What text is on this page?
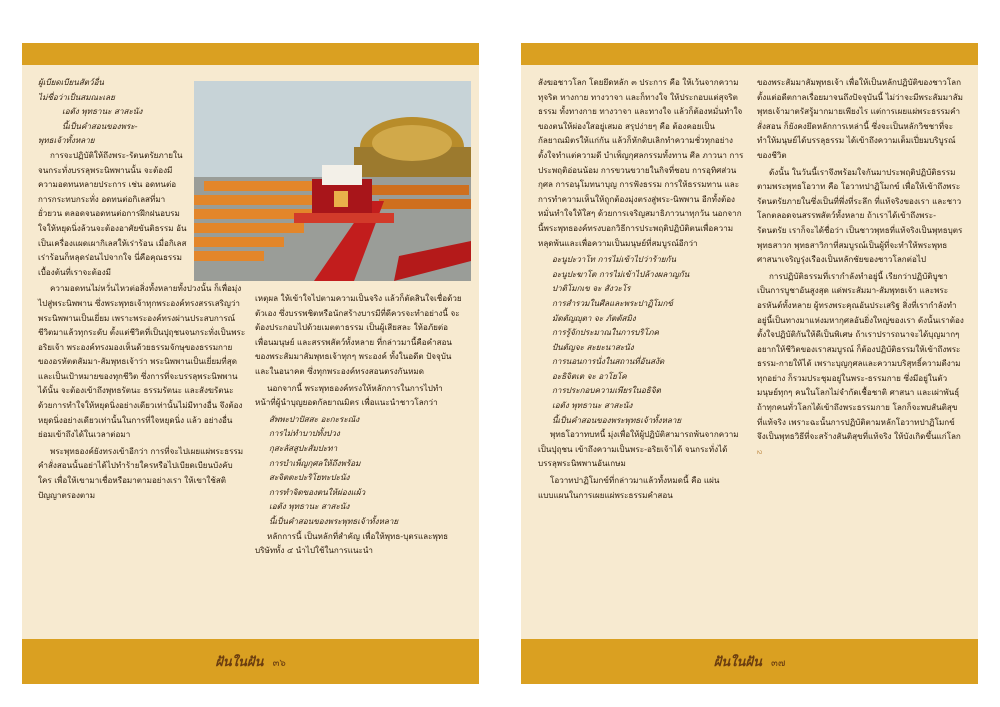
ผู้เบียดเบียนสัตว์อื่น
ไม่ชื่อว่าเป็นสมณะเลย
เอตัง พุทธานะ สาสะนัง
นี้เป็นคำสอนของพระ-
พุทธเจ้าทั้งหลาย

การจะปฏิบัติให้ถึงพระ-รัตนตรัยภายใน จนกระทั่งบรรลุพระนิพพานนั้น จะต้องมีความอดทนหลายประการ เช่น อดทนต่อการกระทบกระทั่ง อดทนต่อกิเลสที่มายั่วยวน ตลอดจนอดทนต่อการฝึกฝนอบรมใจให้หยุดนิ่งล้วนจะต้องอาศัยขันติธรรม อันเป็นเครื่องแผดเผากิเลสให้เร่าร้อน เมื่อกิเลสเร่าร้อนก็หลุดร่อนไปจากใจ นี่คือคุณธรรมเบื้องต้นที่เราจะต้องมี

ความอดทนไม่หวั่นไหวต่อสิ่งทั้งหลายทั้งปวงนั้น ก็เพื่อมุ่งไปสู่พระนิพพาน ซึ่งพระพุทธเจ้าทุกพระองค์ทรงสรรเสริญว่า พระนิพพานเป็นเยี่ยม เพราะพระองค์ทรงผ่านประสบการณ์ชีวิตมาแล้วทุกระดับ ตั้งแต่ชีวิตที่เป็นปุถุชนจนกระทั่งเป็นพระอริยเจ้า พระองค์ทรงมองเห็นด้วยธรรมจักษุของธรรมกายของอรหัตตสัมมา-สัมพุทธเจ้าว่า พระนิพพานเป็นเยี่ยมที่สุด และเป็นเป้าหมายของทุกชีวิต ซึ่งการที่จะบรรลุพระนิพพานได้นั้น จะต้องเข้าถึงพุทธรัตนะ ธรรมรัตนะ และสังฆรัตนะ ด้วยการทำใจให้หยุดนิ่งอย่างเดียวเท่านั้นไม่มีทางอื่น จึงต้องหยุดนิ่งอย่างเดียวเท่านั้นในการที่ใจหยุดนิ่ง แล้ว อย่างอื่นย่อมเข้าถึงได้ในเวลาต่อมา

พระพุทธองค์ยังทรงเข้าอีกว่า การที่จะไปเผยแผ่พระธรรมคำสั่งสอนนั้นอย่าได้ไปทำร้ายใครหรือไปเบียดเบียนบังคับใคร เพื่อให้เขามาเชื่อหรือมาตามอย่างเรา ให้เขาใช้สติปัญญาตรองตาม

เหตุผล ให้เข้าใจไปตามความเป็นจริง แล้วก็ตัดสินใจเชื่อด้วยตัวเอง ซึ่งบรรพชิตหรือนักสร้างบารมีที่ดีควรจะทำอย่างนี้ จะต้องประกอบไปด้วยเมตตาธรรม เป็นผู้เสียสละ ให้อภัยต่อเพื่อนมนุษย์ และสรรพสัตว์ทั้งหลาย ที่กล่าวมานี้คือคำสอนของพระสัมมาสัมพุทธเจ้าทุกๆ พระองค์ ทั้งในอดีต ปัจจุบัน และในอนาคต ซึ่งทุกพระองค์ทรงสอนตรงกันหมด

นอกจากนี้ พระพุทธองค์ทรงให้หลักการในการไปทำหน้าที่ผู้นำบุญยอดกัลยาณมิตร เพื่อแนะนำชาวโลกว่า

สัพพะปาปัสสะ อะกะระณัง
การไม่ทำบาปทั้งปวง
กุสะลัสสูปะสัมปะทา
การบำเพ็ญกุศลให้ถึงพร้อม
สะจิตตะปะริโยทะปะนัง
การทำจิตของตนให้ผ่องแผ้ว
เอตัง พุทธานะ สาสะนัง
นี้เป็นคำสอนของพระพุทธเจ้าทั้งหลาย

หลักการนี้ เป็นหลักที่สำคัญ เพื่อให้พุทธ-บุตรและพุทธบริษัททั้ง ๔ นำไปใช้ในการแนะนำ

ฝันในฝัน ๓๖

สังฆอชาวโลก โดยยึดหลัก ๓ ประการ คือ ให้เว้นจากความทุจริต ทางกาย ทางวาจา และก็ทางใจ ให้ประกอบแต่สุจริตธรรม ทั้งทางกาย ทางวาจา และทางใจ แล้วก็ต้องหมั่นทำใจของตนให้ผ่องใสอยู่เสมอ สรุปง่ายๆ คือ ต้องคอยเป็นกัลยาณมิตรให้แก่กัน แล้วก็หักดิบเลิกทำความชั่วทุกอย่าง ตั้งใจทำแต่ความดี บำเพ็ญกุศลกรรมทั้งทาน ศีล ภาวนา การประพฤติอ่อนน้อม การขวนขวายในกิจที่ชอบ การอุทิศส่วนกุศล การอนุโมทนาบุญ การฟังธรรม การให้ธรรมทาน และการทำความเห็นให้ถูกต้องมุ่งตรงสู่พระ-นิพพาน อีกทั้งต้องหมั่นทำใจให้ใสๆ ด้วยการเจริญสมาธิภาวนาทุกวัน นอกจากนี้พระพุทธองค์ทรงบอกวิธีการประพฤติปฏิบัติตนเพื่อความหลุดพ้นและเพื่อความเป็นมนุษย์ที่สมบูรณ์อีกว่า

อะนูปะวาโท การไม่เข้าไปว่าร้ายกัน
อะนูปะฆาโต การไม่เข้าไปล้างผลาญกัน
ปาติโมกเข จะ สังวะโร
การสำรวมในศีลและพระปาฏิโมกข์
มัตตัญญุตา จะ ภัตตัสมิง
การรู้จักประมาณในการบริโภค
ปันตัญจะ สะยะนาสะนัง
การนอนการนั่งในสถานที่อันสงัด
อะธิจิตเต จะ อาโยโค
การประกอบความเพียรในอธิจิต
เอตัง พุทธานะ สาสะนัง
นี้เป็นคำสอนของพระพุทธเจ้าทั้งหลาย

พุทธโอวาทบทนี้ มุ่งเพื่อให้ผู้ปฏิบัติสามารถพ้นจากความเป็นปุถุชน เข้าถึงความเป็นพระ-อริยเจ้าได้ จนกระทั่งได้บรรลุพระนิพพานอันเกษม

โอวาทปาฏิโมกข์ที่กล่าวมาแล้วทั้งหมดนี้ คือ แผ่นแบบแผนในการเผยแผ่พระธรรมคำสอน

ของพระสัมมาสัมพุทธเจ้า เพื่อให้เป็นหลักปฏิบัติของชาวโลกตั้งแต่อดีตกาลเรื่อยมาจนถึงปัจจุบันนี้ ไม่ว่าจะมีพระสัมมาสัมพุทธเจ้ามาตรัสรู้มากมายเพียงไร แต่การเผยแผ่พระธรรมคำสั่งสอน ก็ยังคงยึดหลักการเหล่านี้ ซึ่งจะเป็นหลักวิชชาที่จะทำให้มนุษย์ได้บรรลุธรรม ได้เข้าถึงความเต็มเปี่ยมบริบูรณ์ของชีวิต

ดังนั้น ในวันนี้เราจึงพร้อมใจกันมาประพฤติปฏิบัติธรรมตามพระพุทธโอวาท คือ โอวาทปาฏิโมกข์ เพื่อให้เข้าถึงพระรัตนตรัยภายในซึ่งเป็นที่พึ่งที่ระลึก ที่แท้จริงของเรา และชาวโลกตลอดจนสรรพสัตว์ทั้งหลาย ถ้าเราได้เข้าถึงพระ-รัตนตรัย เราก็จะได้ชื่อว่า เป็นชาวพุทธที่แท้จริงเป็นพุทธบุตร พุทธสาวก พุทธสาวิกาที่สมบูรณ์เป็นผู้ที่จะทำให้พระพุทธศาสนาเจริญรุ่งเรืองเป็นหลักชัยของชาวโลกต่อไป

การปฏิบัติธรรมที่เรากำลังทำอยู่นี้ เรียกว่าปฏิบัติบูชา เป็นการบูชาอันสูงสุด แด่พระสัมมา-สัมพุทธเจ้า และพระอรหันต์ทั้งหลาย ผู้ทรงพระคุณอันประเสริฐ สิ่งที่เรากำลังทำอยู่นี้เป็นทางมาแห่งมหากุศลอันยิ่งใหญ่ของเรา ดังนั้นเราต้องตั้งใจปฏิบัติกันให้ดีเป็นพิเศษ ถ้าเราปรารถนาจะได้บุญมากๆ อยากให้ชีวิตของเราสมบูรณ์ ก็ต้องปฏิบัติธรรมให้เข้าถึงพระธรรม-กายให้ได้ เพราะบุญกุศลและความบริสุทธิ์ความดีงามทุกอย่าง ก็รวมประชุมอยู่ในพระ-ธรรมกาย ซึ่งมีอยู่ในตัวมนุษย์ทุกๆ คนในโลกไม่จำกัดเชื้อชาติ ศาสนา และเผ่าพันธุ์ ถ้าทุกคนทั่วโลกได้เข้าถึงพระธรรมกาย โลกก็จะพบสันติสุขที่แท้จริง เพราะฉะนั้นการปฏิบัติตามหลักโอวาทปาฏิโมกข์ จึงเป็นพุทธวิธีที่จะสร้างสันติสุขที่แท้จริง ให้บังเกิดขึ้นแก่โลก ꩳ

ฝันในฝัน ๓๗
